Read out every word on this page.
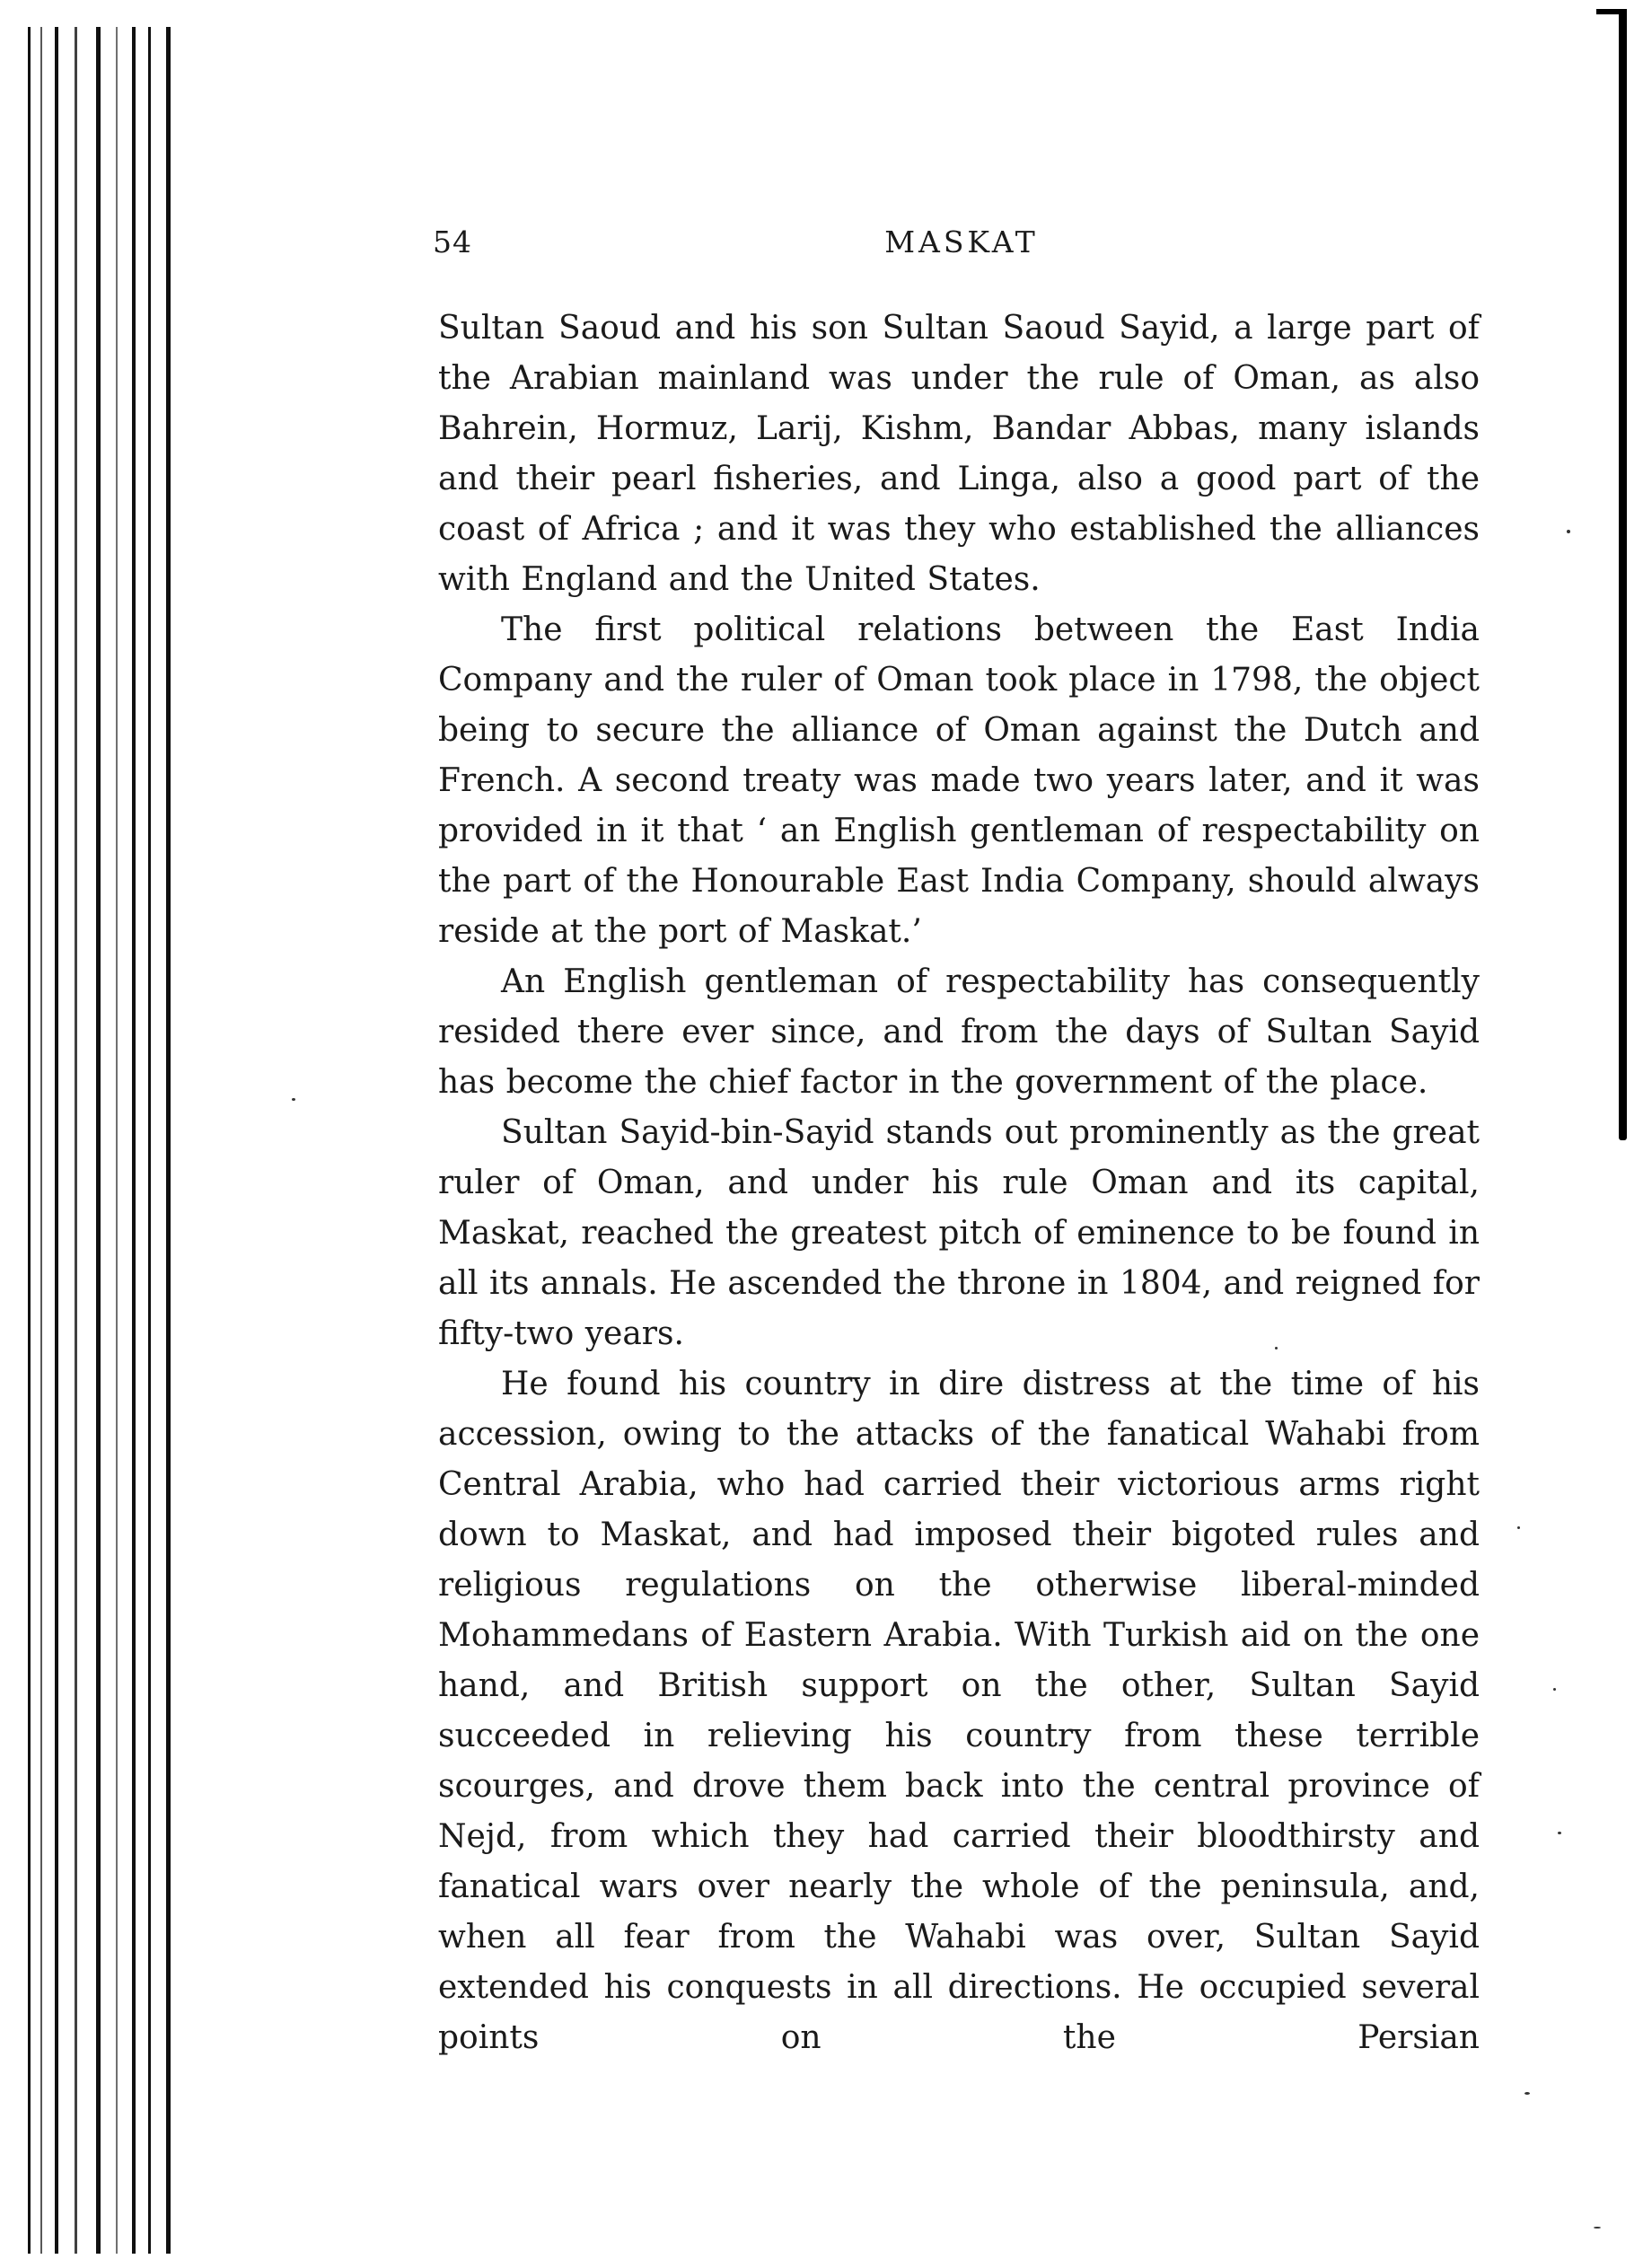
54	MASKAT

Sultan Saoud and his son Sultan Saoud Sayid, a large part of the Arabian mainland was under the rule of Oman, as also Bahrein, Hormuz, Larij, Kishm, Bandar Abbas, many islands and their pearl fisheries, and Linga, also a good part of the coast of Africa ; and it was they who established the alliances with England and the United States.

The first political relations between the East India Company and the ruler of Oman took place in 1798, the object being to secure the alliance of Oman against the Dutch and French. A second treaty was made two years later, and it was provided in it that ‘ an English gentleman of respectability on the part of the Honourable East India Company, should always reside at the port of Maskat.’

An English gentleman of respectability has consequently resided there ever since, and from the days of Sultan Sayid has become the chief factor in the government of the place.

Sultan Sayid-bin-Sayid stands out prominently as the great ruler of Oman, and under his rule Oman and its capital, Maskat, reached the greatest pitch of eminence to be found in all its annals. He ascended the throne in 1804, and reigned for fifty-two years.

He found his country in dire distress at the time of his accession, owing to the attacks of the fanatical Wahabi from Central Arabia, who had carried their victorious arms right down to Maskat, and had imposed their bigoted rules and religious regulations on the otherwise liberal-minded Mohammedans of Eastern Arabia. With Turkish aid on the one hand, and British support on the other, Sultan Sayid succeeded in relieving his country from these terrible scourges, and drove them back into the central province of Nejd, from which they had carried their bloodthirsty and fanatical wars over nearly the whole of the peninsula, and, when all fear from the Wahabi was over, Sultan Sayid extended his conquests in all directions. He occupied several points on the Persian
